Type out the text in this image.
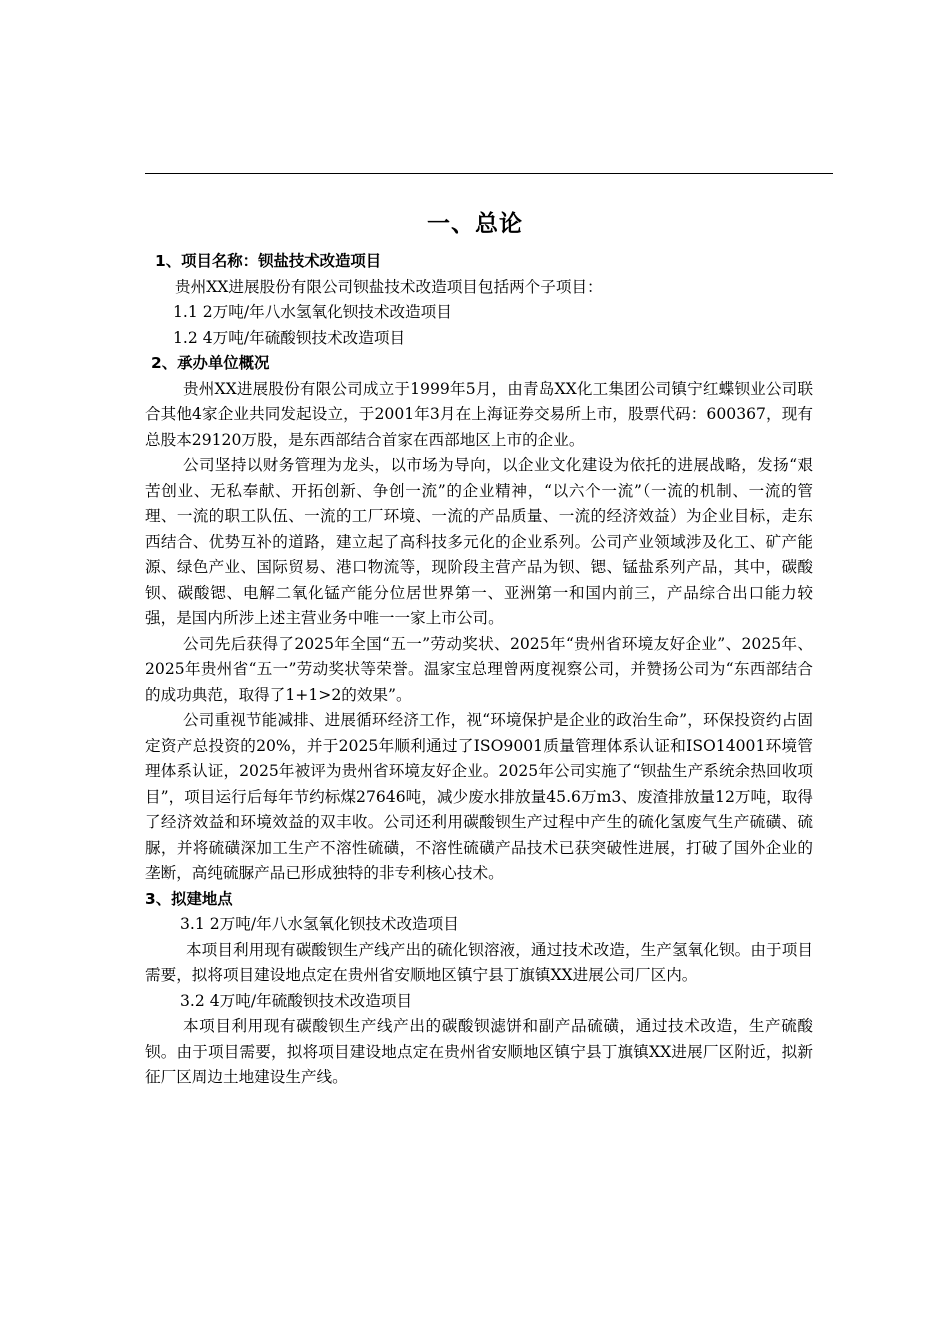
一、总论
1、项目名称：钡盐技术改造项目
贵州XX进展股份有限公司钡盐技术改造项目包括两个子项目：
1.1 2万吨/年八水氢氧化钡技术改造项目
1.2 4万吨/年硫酸钡技术改造项目
2、承办单位概况
贵州XX进展股份有限公司成立于1999年5月，由青岛XX化工集团公司镇宁红蝶钡业公司联合其他4家企业共同发起设立，于2001年3月在上海证券交易所上市，股票代码：600367，现有总股本29120万股，是东西部结合首家在西部地区上市的企业。
公司坚持以财务管理为龙头，以市场为导向，以企业文化建设为依托的进展战略，发扬“艰苦创业、无私奉献、开拓创新、争创一流”的企业精神，“以六个一流”（一流的机制、一流的管理、一流的职工队伍、一流的工厂环境、一流的产品质量、一流的经济效益）为企业目标，走东西结合、优势互补的道路，建立起了高科技多元化的企业系列。公司产业领域涉及化工、矿产能源、绿色产业、国际贸易、港口物流等，现阶段主营产品为钡、锶、锰盐系列产品，其中，碳酸钡、碳酸锶、电解二氧化锰产能分位居世界第一、亚洲第一和国内前三，产品综合出口能力较强，是国内所涉上述主营业务中唯一一家上市公司。
公司先后获得了2025年全国“五一”劳动奖状、2025年“贵州省环境友好企业”、2025年、2025年贵州省“五一”劳动奖状等荣誉。温家宝总理曾两度视察公司，并赞扬公司为“东西部结合的成功典范，取得了1+1>2的效果”。
公司重视节能减排、进展循环经济工作，视“环境保护是企业的政治生命”，环保投资约占固定资产总投资的20%，并于2025年顺利通过了ISO9001质量管理体系认证和ISO14001环境管理体系认证，2025年被评为贵州省环境友好企业。2025年公司实施了“钡盐生产系统余热回收项目”，项目运行后每年节约标煤27646吨，减少废水排放量45.6万m3、废渣排放量12万吨，取得了经济效益和环境效益的双丰收。公司还利用碳酸钡生产过程中产生的硫化氢废气生产硫磺、硫脲，并将硫磺深加工生产不溶性硫磺，不溶性硫磺产品技术已获突破性进展，打破了国外企业的垄断，高纯硫脲产品已形成独特的非专利核心技术。
3、拟建地点
3.1 2万吨/年八水氢氧化钡技术改造项目
本项目利用现有碳酸钡生产线产出的硫化钡溶液，通过技术改造，生产氢氧化钡。由于项目需要，拟将项目建设地点定在贵州省安顺地区镇宁县丁旗镇XX进展公司厂区内。
3.2 4万吨/年硫酸钡技术改造项目
本项目利用现有碳酸钡生产线产出的碳酸钡滤饼和副产品硫磺，通过技术改造，生产硫酸钡。由于项目需要，拟将项目建设地点定在贵州省安顺地区镇宁县丁旗镇XX进展厂区附近，拟新征厂区周边土地建设生产线。
